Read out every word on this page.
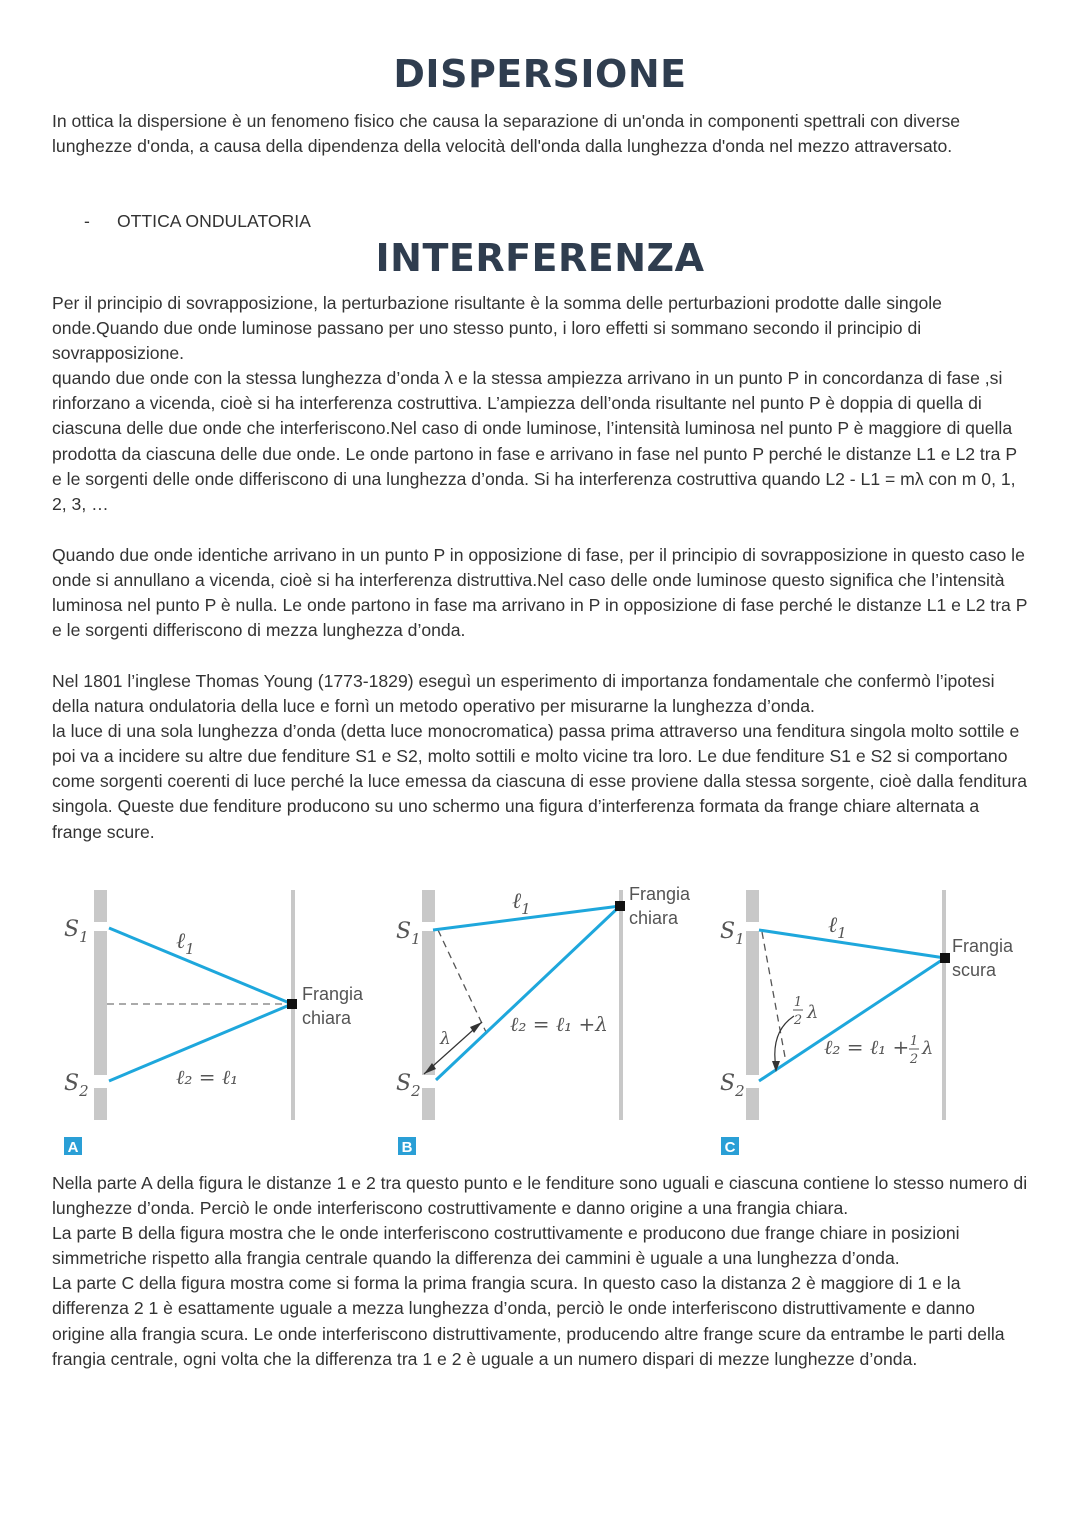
DISPERSIONE

In ottica la dispersione è un fenomeno fisico che causa la separazione di un'onda in componenti spettrali con diverse lunghezze d'onda, a causa della dipendenza della velocità dell'onda dalla lunghezza d'onda nel mezzo attraversato.

- OTTICA ONDULATORIA
INTERFERENZA

Per il principio di sovrapposizione, la perturbazione risultante è la somma delle perturbazioni prodotte dalle singole onde.Quando due onde luminose passano per uno stesso punto, i loro effetti si sommano secondo il principio di sovrapposizione.
quando due onde con la stessa lunghezza d’onda λ e la stessa ampiezza arrivano in un punto P in concordanza di fase ,si rinforzano a vicenda, cioè si ha interferenza costruttiva. L’ampiezza dell’onda risultante nel punto P è doppia di quella di ciascuna delle due onde che interferiscono.Nel caso di onde luminose, l’intensità luminosa nel punto P è maggiore di quella prodotta da ciascuna delle due onde. Le onde partono in fase e arrivano in fase nel punto P perché le distanze L1 e L2 tra P e le sorgenti delle onde differiscono di una lunghezza d’onda. Si ha interferenza costruttiva quando L2 - L1 = mλ con m 0, 1, 2, 3, …

Quando due onde identiche arrivano in un punto P in opposizione di fase, per il principio di sovrapposizione in questo caso le onde si annullano a vicenda, cioè si ha interferenza distruttiva.Nel caso delle onde luminose questo significa che l’intensità luminosa nel punto P è nulla. Le onde partono in fase ma arrivano in P in opposizione di fase perché le distanze L1 e L2 tra P e le sorgenti differiscono di mezza lunghezza d’onda.

Nel 1801 l’inglese Thomas Young (1773-1829) eseguì un esperimento di importanza fondamentale che confermò l’ipotesi della natura ondulatoria della luce e fornì un metodo operativo per misurarne la lunghezza d’onda.
la luce di una sola lunghezza d’onda (detta luce monocromatica) passa prima attraverso una fenditura singola molto sottile e poi va a incidere su altre due fenditure S1 e S2, molto sottili e molto vicine tra loro. Le due fenditure S1 e S2 si comportano come sorgenti coerenti di luce perché la luce emessa da ciascuna di esse proviene dalla stessa sorgente, cioè dalla fenditura singola. Queste due fenditure producono su uno schermo una figura d’interferenza formata da frange chiare alternata a frange scure.

$S_1$
$S_2$
ℓ$_1$
ℓ₂ = ℓ₁
Frangia
chiara
A
$S_1$
$S_2$
ℓ$_1$
λ
ℓ₂ = ℓ₁ +λ
Frangia
chiara
B
$S_1$
$S_2$
ℓ$_1$
1
2 λ
ℓ₂ = ℓ₁ + 1
2
λ
Frangia
scura
C

Nella parte A della figura le distanze 1 e 2 tra questo punto e le fenditure sono uguali e ciascuna contiene lo stesso numero di lunghezze d’onda. Perciò le onde interferiscono costruttivamente e danno origine a una frangia chiara.
La parte B della figura mostra che le onde interferiscono costruttivamente e producono due frange chiare in posizioni simmetriche rispetto alla frangia centrale quando la differenza dei cammini è uguale a una lunghezza d’onda.
La parte C della figura mostra come si forma la prima frangia scura. In questo caso la distanza 2 è maggiore di 1 e la differenza 2 1 è esattamente uguale a mezza lunghezza d’onda, perciò le onde interferiscono distruttivamente e danno origine alla frangia scura. Le onde interferiscono distruttivamente, producendo altre frange scure da entrambe le parti della frangia centrale, ogni volta che la differenza tra 1 e 2 è uguale a un numero dispari di mezze lunghezze d’onda.
